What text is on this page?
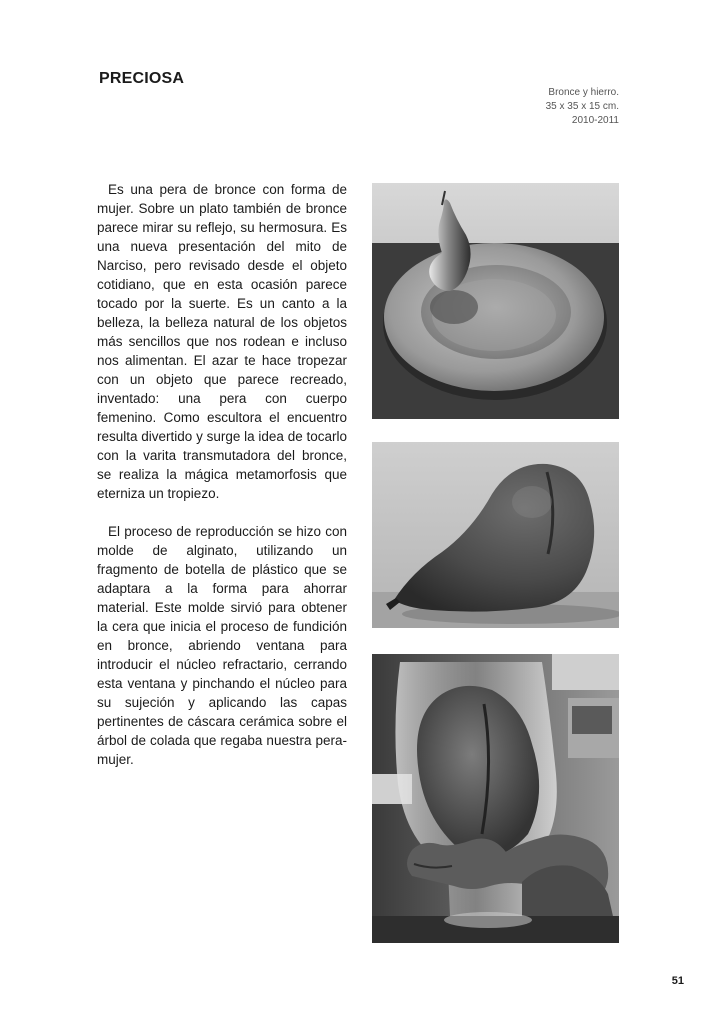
PRECIOSA
Bronce y hierro.
35 x 35 x 15 cm.
2010-2011

Es una pera de bronce con forma de mujer. Sobre un plato también de bronce parece mirar su reflejo, su hermosura. Es una nueva presentación del mito de Narciso, pero revisado desde el objeto cotidiano, que en esta ocasión parece tocado por la suerte. Es un canto a la belleza, la belleza natural de los objetos más sencillos que nos rodean e incluso nos alimentan. El azar te hace tropezar con un objeto que parece recreado, inventado: una pera con cuerpo femenino. Como escultora el encuentro resulta divertido y surge la idea de tocarlo con la varita transmutadora del bronce, se realiza la mágica metamorfosis que eterniza un tropiezo.

El proceso de reproducción se hizo con molde de alginato, utilizando un fragmento de botella de plástico que se adaptara a la forma para ahorrar material. Este molde sirvió para obtener la cera que inicia el proceso de fundición en bronce, abriendo ventana para introducir el núcleo refractario, cerrando esta ventana y pinchando el núcleo para su sujeción y aplicando las capas pertinentes de cáscara cerámica sobre el árbol de colada que regaba nuestra pera-mujer.

51
